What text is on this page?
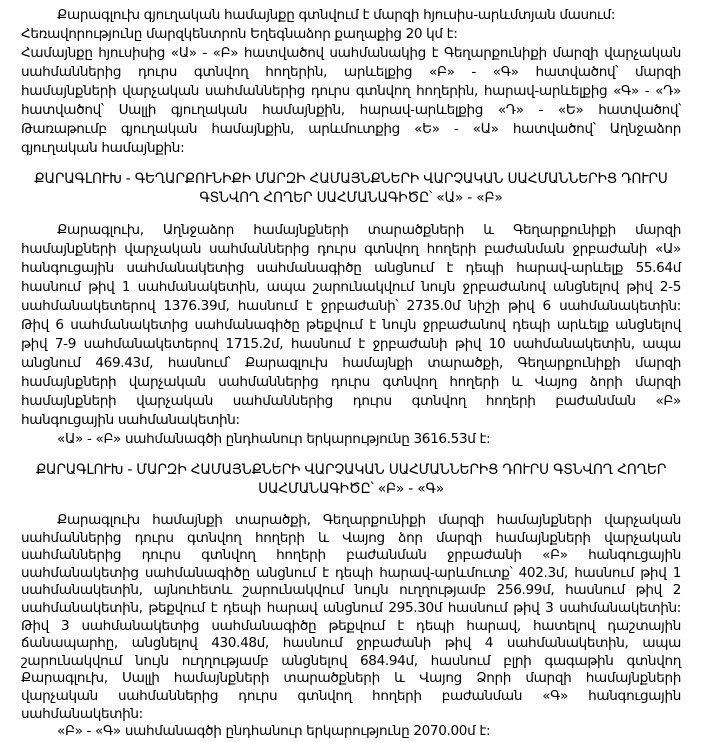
Քարագլուխ գյուղական համայնքը գտնվում է մարզի հյուսիս-արևմտյան մասում:
Հեռավորությունը մարզկենտրոն Եղեգնաձոր քաղաքից 20 կմ է:
Համայնքը հյուսիսից «Ա» - «Բ» հատվածով սահմանակից է Գեղարքունիքի մարզի վարչական
սահմաններից դուրս գտնվող հողերին, արևելքից «Բ» - «Գ» հատվածով՝ մարզի
համայնքների վարչական սահմաններից դուրս գտնվող հողերին, հարավ-արևելքից «Գ» - «Դ»
հատվածով՝ Սալլի գյուղական համայնքին, հարավ-արևելքից «Դ» - «Ե» հատվածով՝
Թառաթումբ գյուղական համայնքին, արևմուտքից «Ե» - «Ա» հատվածով՝ Աղնջաձոր
գյուղական համայնքին:
ՔԱՐԱԳԼՈՒԽ - ԳԵՂԱՐՔՈՒՆԻՔԻ ՄԱՐԶԻ ՀԱՄԱՅՆՔՆԵՐԻ ՎԱՐՉԱԿԱՆ ՍԱՀՄԱՆՆԵՐԻՑ ԴՈՒՐՍ
ԳՏՆՎՈՂ ՀՈՂԵՐ ՍԱՀՄԱՆԱԳԻԾԸ՝ «Ա» - «Բ»
Քարագլուխ, Աղնջաձոր համայնքների տարածքների և Գեղարքունիքի մարզի
համայնքների վարչական սահմաններից դուրս գտնվող հողերի բաժանման ջրբաժանի «Ա»
հանգուցային սահմանակետից սահմանագիծը անցնում է դեպի հարավ-արևելք 55.64մ
հասնում թիվ 1 սահմանակետին, ապա շարունակվում նույն ջրբաժանով անցնելով թիվ 2-5
սահմանակետերով 1376.39մ, հասնում է ջրբաժանի՝ 2735.0մ նիշի թիվ 6 սահմանակետին:
Թիվ 6 սահմանակետից սահմանագիծը թեքվում է նույն ջրբաժանով դեպի արևելք անցնելով
թիվ 7-9 սահմանակետերով 1715.2մ, հասնում է ջրբաժանի թիվ 10 սահմանակետին, ապա
անցնում 469.43մ, հասնում՝ Քարագլուխ համայնքի տարածքի, Գեղարքունիքի մարզի
համայնքների վարչական սահմաններից դուրս գտնվող հողերի և Վայոց ձորի մարզի
համայնքների վարչական սահմաններից դուրս գտնվող հողերի բաժանման «Բ»
հանգուցային սահմանակետին:
«Ա» - «Բ» սահմանագծի ընդհանուր երկարությունը 3616.53մ է:
ՔԱՐԱԳԼՈՒԽ - ՄԱՐԶԻ ՀԱՄԱՅՆՔՆԵՐԻ ՎԱՐՉԱԿԱՆ ՍԱՀՄԱՆՆԵՐԻՑ ԴՈՒՐՍ ԳՏՆՎՈՂ ՀՈՂԵՐ
ՍԱՀՄԱՆԱԳԻԾԸ՝ «Բ» - «Գ»
Քարագլուխ համայնքի տարածքի, Գեղարքունիքի մարզի համայնքների վարչական
սահմաններից դուրս գտնվող հողերի և Վայոց ձոր մարզի համայնքների վարչական
սահմաններից դուրս գտնվող հողերի բաժանման ջրբաժանի «Բ» հանգուցային
սահմանակետից սահմանագիծը անցնում է դեպի հարավ-արևմուտք՝ 402.3մ, հասնում թիվ 1
սահմանակետին, այնուհետև շարունակվում նույն ուղղությամբ 256.99մ, հասնում թիվ 2
սահմանակետին, թեքվում է դեպի հարավ անցնում 295.30մ հասնում թիվ 3 սահմանակետին:
Թիվ 3 սահմանակետից սահմանագիծը թեքվում է դեպի հարավ, հատելով դաշտային
ճանապարհը, անցնելով 430.48մ, հասնում ջրբաժանի թիվ 4 սահմանակետին, ապա
շարունակվում նույն ուղղությամբ անցնելով 684.94մ, հասնում բլրի գագաթին գտնվող
Քարագլուխ, Սալլի համայնքների տարածքների և Վայոց Ձորի մարզի համայնքների
վարչական սահմաններից դուրս գտնվող հողերի բաժանման «Գ» հանգուցային
սահմանակետին:
«Բ» - «Գ» սահմանագծի ընդհանուր երկարությունը 2070.00մ է:
